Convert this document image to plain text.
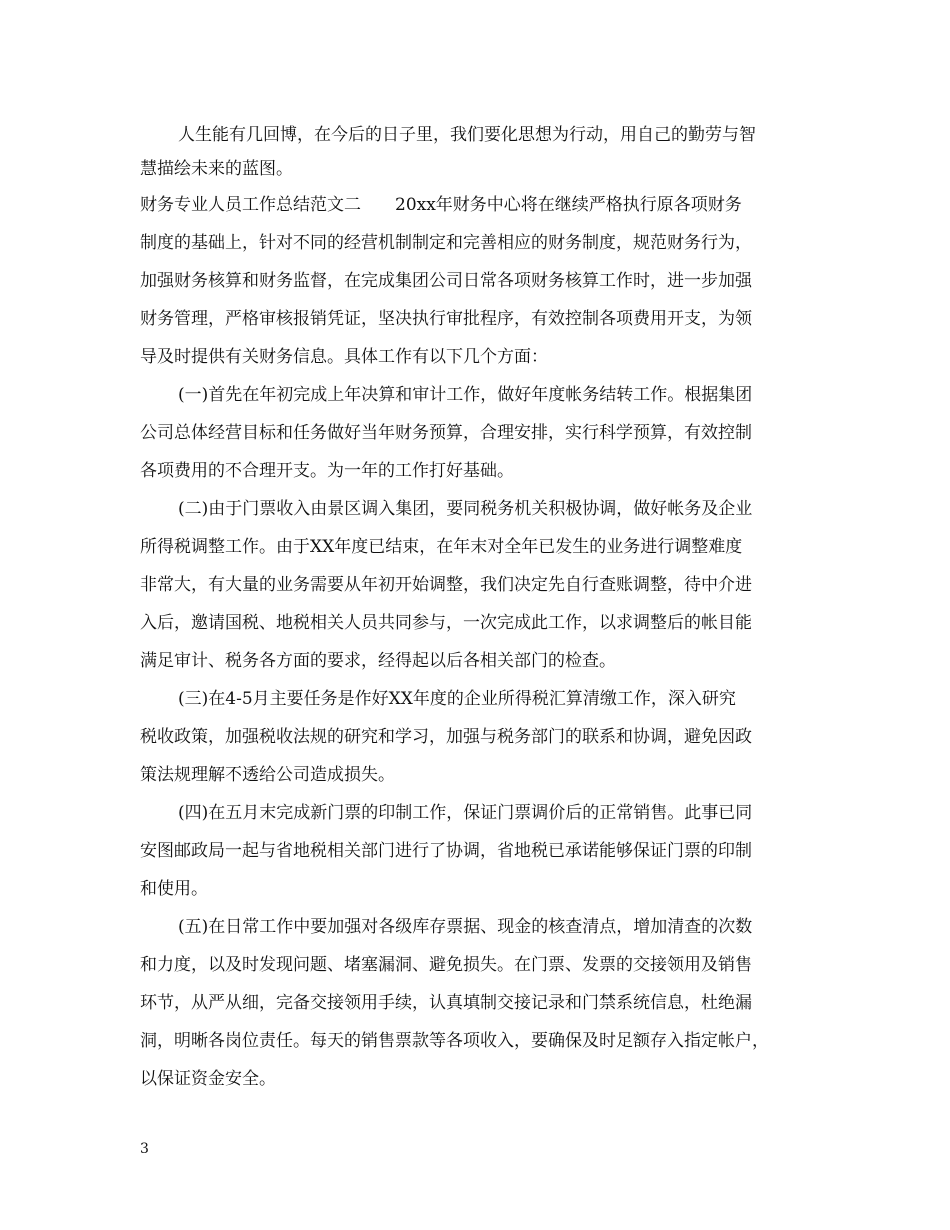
人生能有几回博，在今后的日子里，我们要化思想为行动，用自己的勤劳与智
慧描绘未来的蓝图。
财务专业人员工作总结范文二　　20xx年财务中心将在继续严格执行原各项财务
制度的基础上，针对不同的经营机制制定和完善相应的财务制度，规范财务行为，
加强财务核算和财务监督，在完成集团公司日常各项财务核算工作时，进一步加强
财务管理，严格审核报销凭证，坚决执行审批程序，有效控制各项费用开支，为领
导及时提供有关财务信息。具体工作有以下几个方面：
(一)首先在年初完成上年决算和审计工作，做好年度帐务结转工作。根据集团
公司总体经营目标和任务做好当年财务预算，合理安排，实行科学预算，有效控制
各项费用的不合理开支。为一年的工作打好基础。
(二)由于门票收入由景区调入集团，要同税务机关积极协调，做好帐务及企业
所得税调整工作。由于XX年度已结束，在年末对全年已发生的业务进行调整难度
非常大，有大量的业务需要从年初开始调整，我们决定先自行查账调整，待中介进
入后，邀请国税、地税相关人员共同参与，一次完成此工作，以求调整后的帐目能
满足审计、税务各方面的要求，经得起以后各相关部门的检查。
(三)在4-5月主要任务是作好XX年度的企业所得税汇算清缴工作，深入研究
税收政策，加强税收法规的研究和学习，加强与税务部门的联系和协调，避免因政
策法规理解不透给公司造成损失。
(四)在五月末完成新门票的印制工作，保证门票调价后的正常销售。此事已同
安图邮政局一起与省地税相关部门进行了协调，省地税已承诺能够保证门票的印制
和使用。
(五)在日常工作中要加强对各级库存票据、现金的核查清点，增加清查的次数
和力度，以及时发现问题、堵塞漏洞、避免损失。在门票、发票的交接领用及销售
环节，从严从细，完备交接领用手续，认真填制交接记录和门禁系统信息，杜绝漏
洞，明晰各岗位责任。每天的销售票款等各项收入，要确保及时足额存入指定帐户，
以保证资金安全。
3
